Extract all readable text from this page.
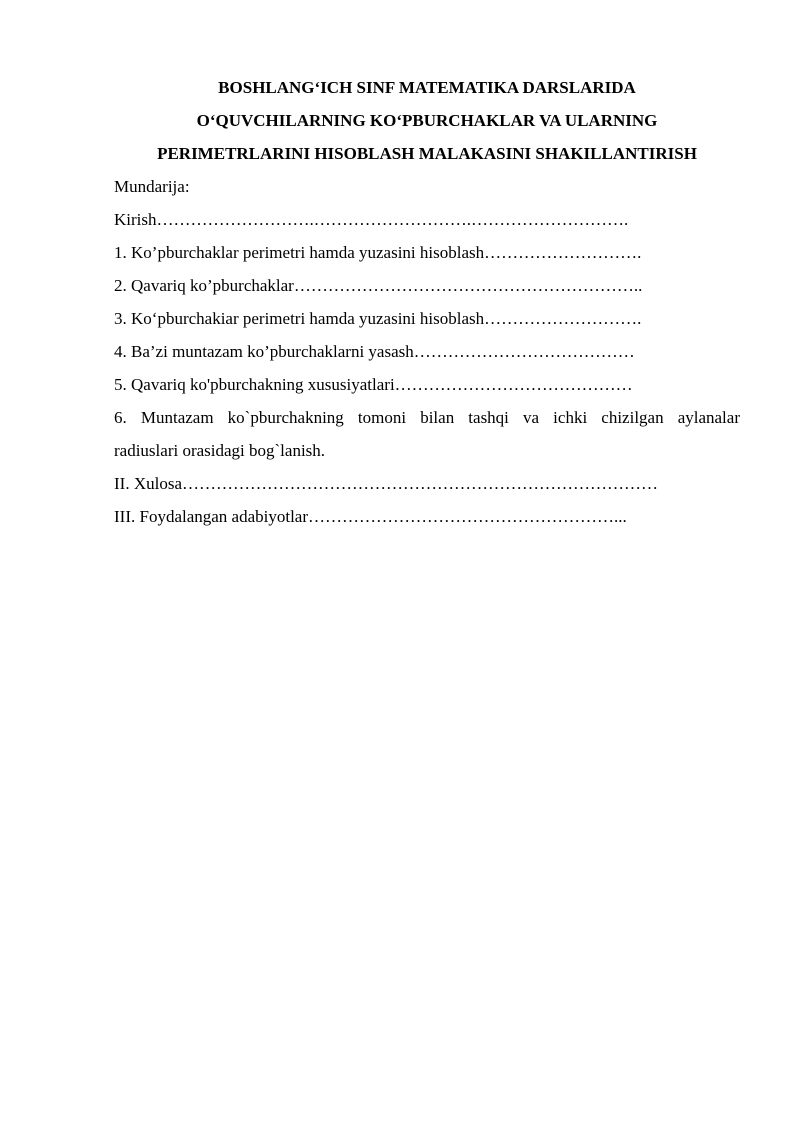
BOSHLANG‘ICH SINF MATEMATIKA DARSLARIDA
O‘QUVCHILARNING KO‘PBURCHAKLAR VA ULARNING
PERIMETRLARINI HISOBLASH MALAKASINI SHAKILLANTIRISH
Mundarija:
Kirish……………………….……………………….……………………….
1. Ko’pburchaklar perimetri hamda yuzasini hisoblash……………………….
2. Qavariq ko’pburchaklar……………………………………………………..
3. Ko‘pburchakiar perimetri hamda yuzasini hisoblash……………………….
4. Ba’zi muntazam ko’pburchaklarni yasash…………………………………
5. Qavariq ko'pburchakning xususiyatlari……………………………………
6. Muntazam ko`pburchakning tomoni bilan tashqi va ichki chizilgan aylanalar
radiuslari orasidagi bog`lanish.
II. Xulosa…………………………………………………………………………
III. Foydalangan adabiyotlar………………………………………………...
